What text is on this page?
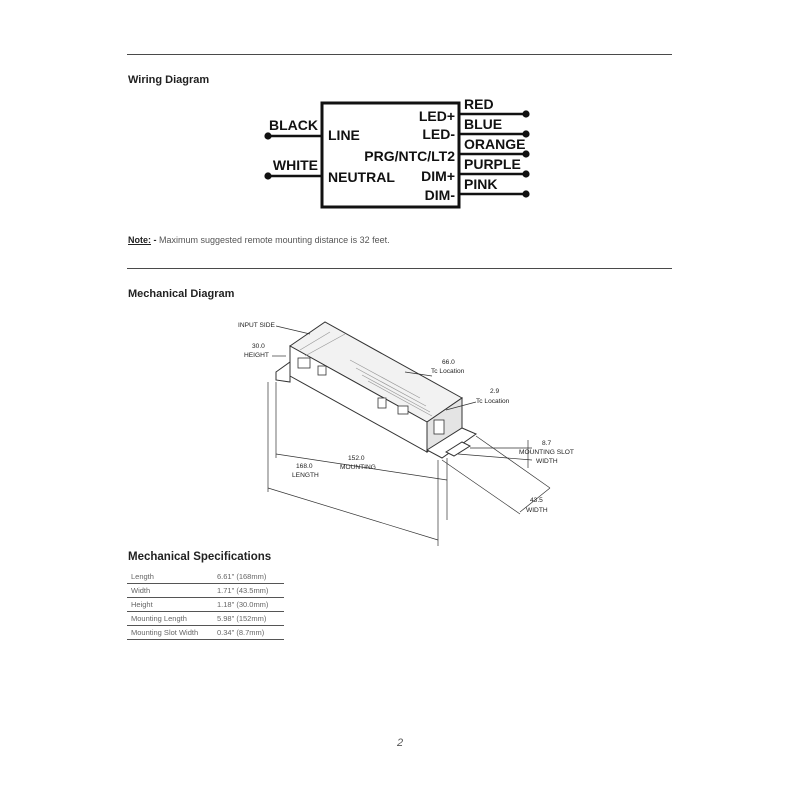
Wiring Diagram
BLACK
WHITE
RED
BLUE
ORANGE
PURPLE
PINK
LINE
NEUTRAL
LED+
LED-
PRG/NTC/LT2
DIM+
DIM-
Note: - Maximum suggested remote mounting distance is 32 feet.
Mechanical Diagram
INPUT SIDE
30.0
HEIGHT
66.0
Tc Location
2.9
Tc Location
8.7
MOUNTING SLOT
WIDTH
152.0
MOUNTING
168.0
LENGTH
43.5
WIDTH
Mechanical Specifications
Length	6.61" (168mm)
Width	1.71" (43.5mm)
Height	1.18" (30.0mm)
Mounting Length	5.98" (152mm)
Mounting Slot Width	0.34" (8.7mm)
2
